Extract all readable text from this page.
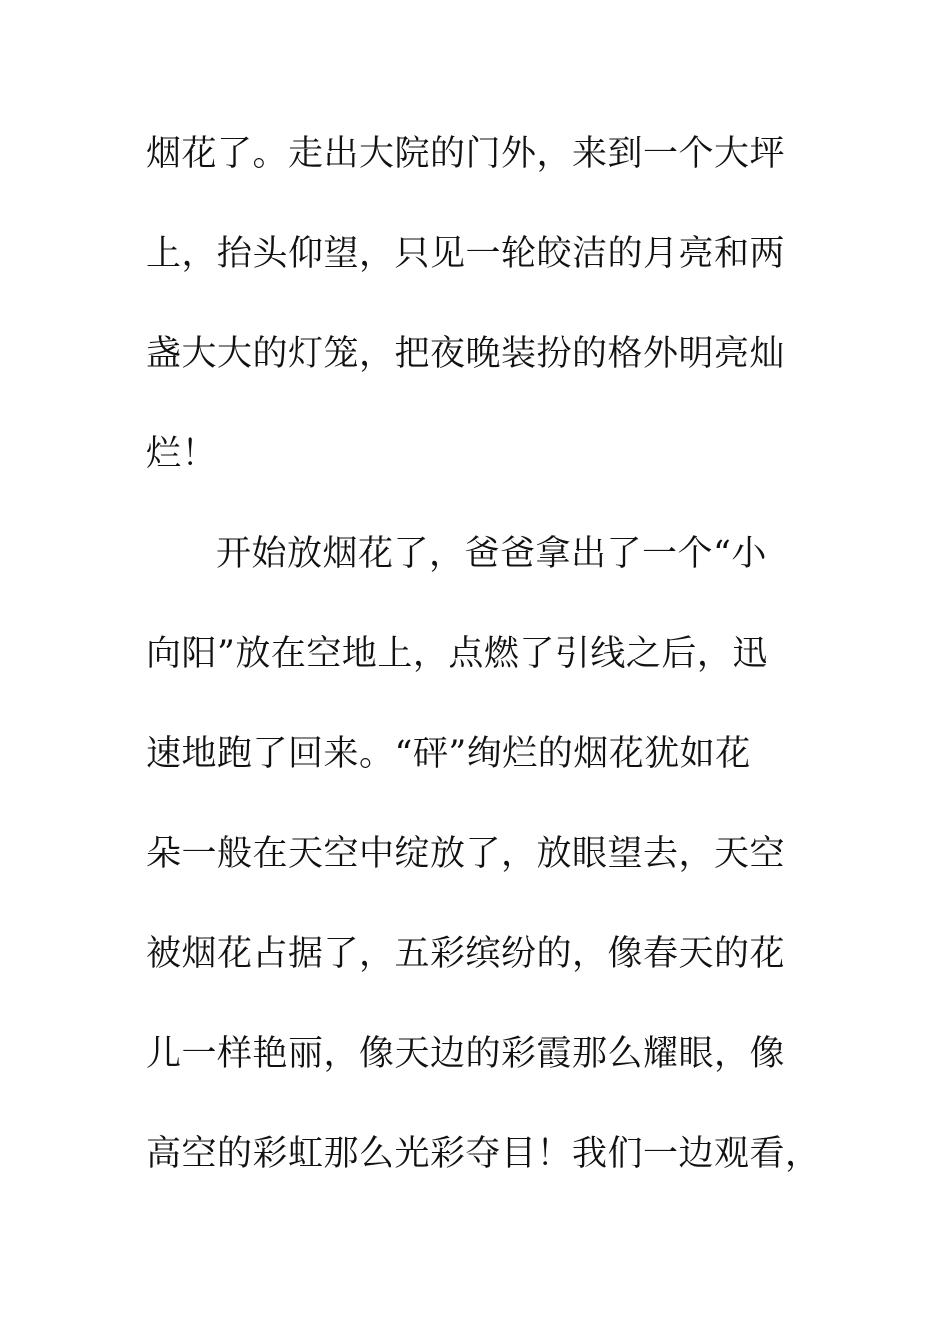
烟花了。走出大院的门外，来到一个大坪
上，抬头仰望，只见一轮皎洁的月亮和两
盏大大的灯笼，把夜晚装扮的格外明亮灿
烂！
开始放烟花了，爸爸拿出了一个“小
向阳”放在空地上，点燃了引线之后，迅
速地跑了回来。“砰”绚烂的烟花犹如花
朵一般在天空中绽放了，放眼望去，天空
被烟花占据了，五彩缤纷的，像春天的花
儿一样艳丽，像天边的彩霞那么耀眼，像
高空的彩虹那么光彩夺目！我们一边观看，
